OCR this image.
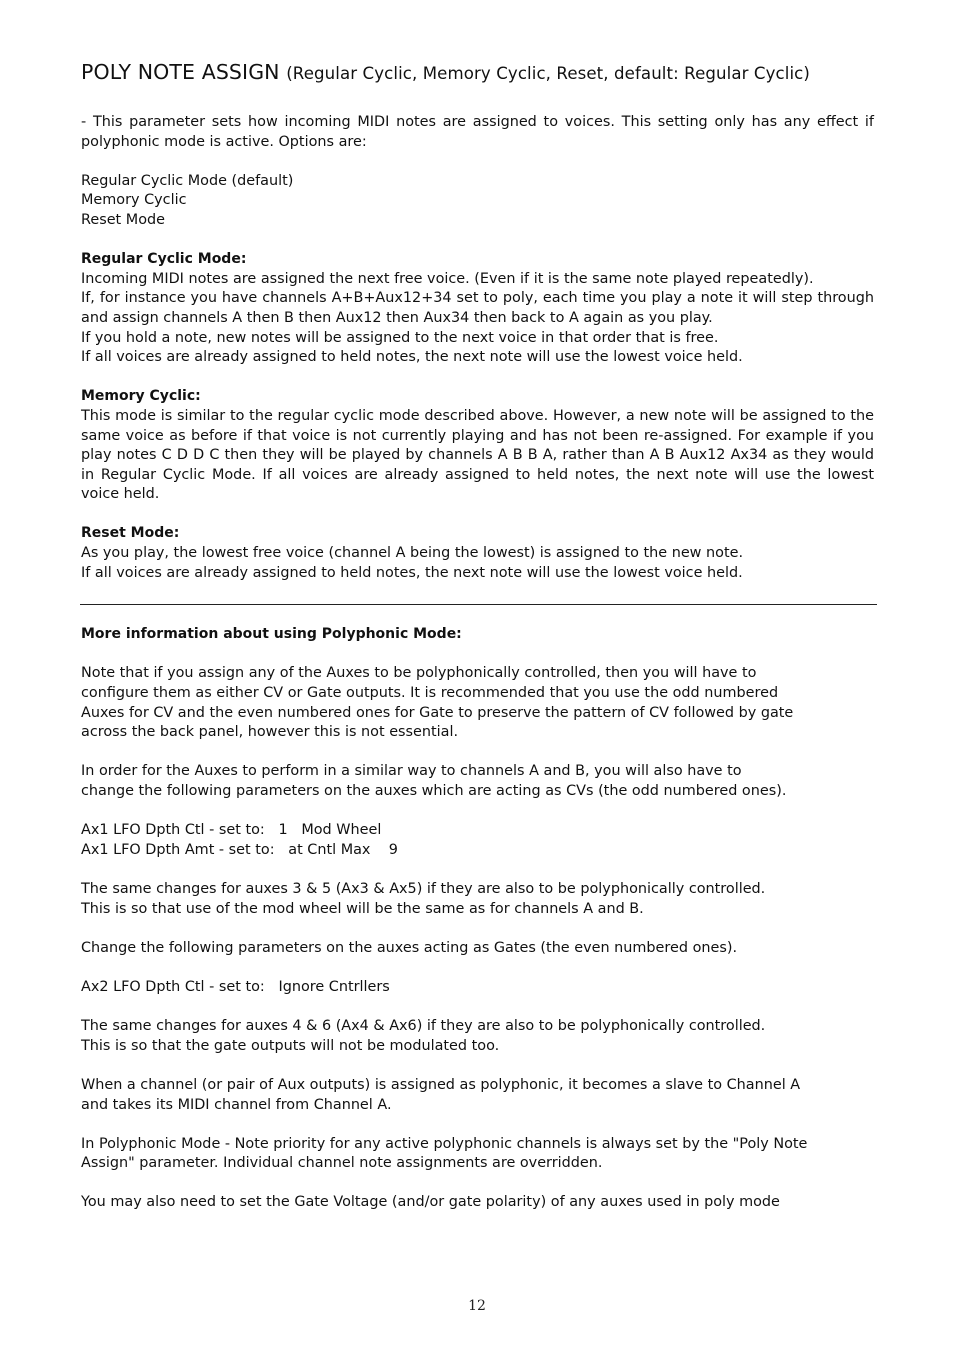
POLY NOTE ASSIGN (Regular Cyclic, Memory Cyclic, Reset, default: Regular Cyclic)

- This parameter sets how incoming MIDI notes are assigned to voices. This setting only has any effect if polyphonic mode is active. Options are:

Regular Cyclic Mode (default)
Memory Cyclic
Reset Mode

Regular Cyclic Mode:

Incoming MIDI notes are assigned the next free voice. (Even if it is the same note played repeatedly).

If, for instance you have channels A+B+Aux12+34 set to poly, each time you play a note it will step through and assign channels A then B then Aux12 then Aux34 then back to A again as you play.

If you hold a note, new notes will be assigned to the next voice in that order that is free.

If all voices are already assigned to held notes, the next note will use the lowest voice held.

Memory Cyclic:

This mode is similar to the regular cyclic mode described above. However, a new note will be assigned to the same voice as before if that voice is not currently playing and has not been re-assigned. For example if you play notes C D D C then they will be played by channels A B B A, rather than A B Aux12 Ax34 as they would in Regular Cyclic Mode. If all voices are already assigned to held notes, the next note will use the lowest voice held.

Reset Mode:

As you play, the lowest free voice (channel A being the lowest) is assigned to the new note.

If all voices are already assigned to held notes, the next note will use the lowest voice held.

More information about using Polyphonic Mode:

Note that if you assign any of the Auxes to be polyphonically controlled, then you will have to
configure them as either CV or Gate outputs. It is recommended that you use the odd numbered
Auxes for CV and the even numbered ones for Gate to preserve the pattern of CV followed by gate
across the back panel, however this is not essential.
In order for the Auxes to perform in a similar way to channels A and B, you will also have to
change the following parameters on the auxes which are acting as CVs (the odd numbered ones).
Ax1 LFO Dpth Ctl - set to:   1   Mod Wheel
Ax1 LFO Dpth Amt - set to:   at Cntl Max    9
The same changes for auxes 3 & 5 (Ax3 & Ax5) if they are also to be polyphonically controlled.
This is so that use of the mod wheel will be the same as for channels A and B.
Change the following parameters on the auxes acting as Gates (the even numbered ones).
Ax2 LFO Dpth Ctl - set to:   Ignore Cntrllers
The same changes for auxes 4 & 6 (Ax4 & Ax6) if they are also to be polyphonically controlled.
This is so that the gate outputs will not be modulated too.
When a channel (or pair of Aux outputs) is assigned as polyphonic, it becomes a slave to Channel A
and takes its MIDI channel from Channel A.
In Polyphonic Mode - Note priority for any active polyphonic channels is always set by the "Poly Note
Assign" parameter. Individual channel note assignments are overridden.
You may also need to set the Gate Voltage (and/or gate polarity) of any auxes used in poly mode
12
